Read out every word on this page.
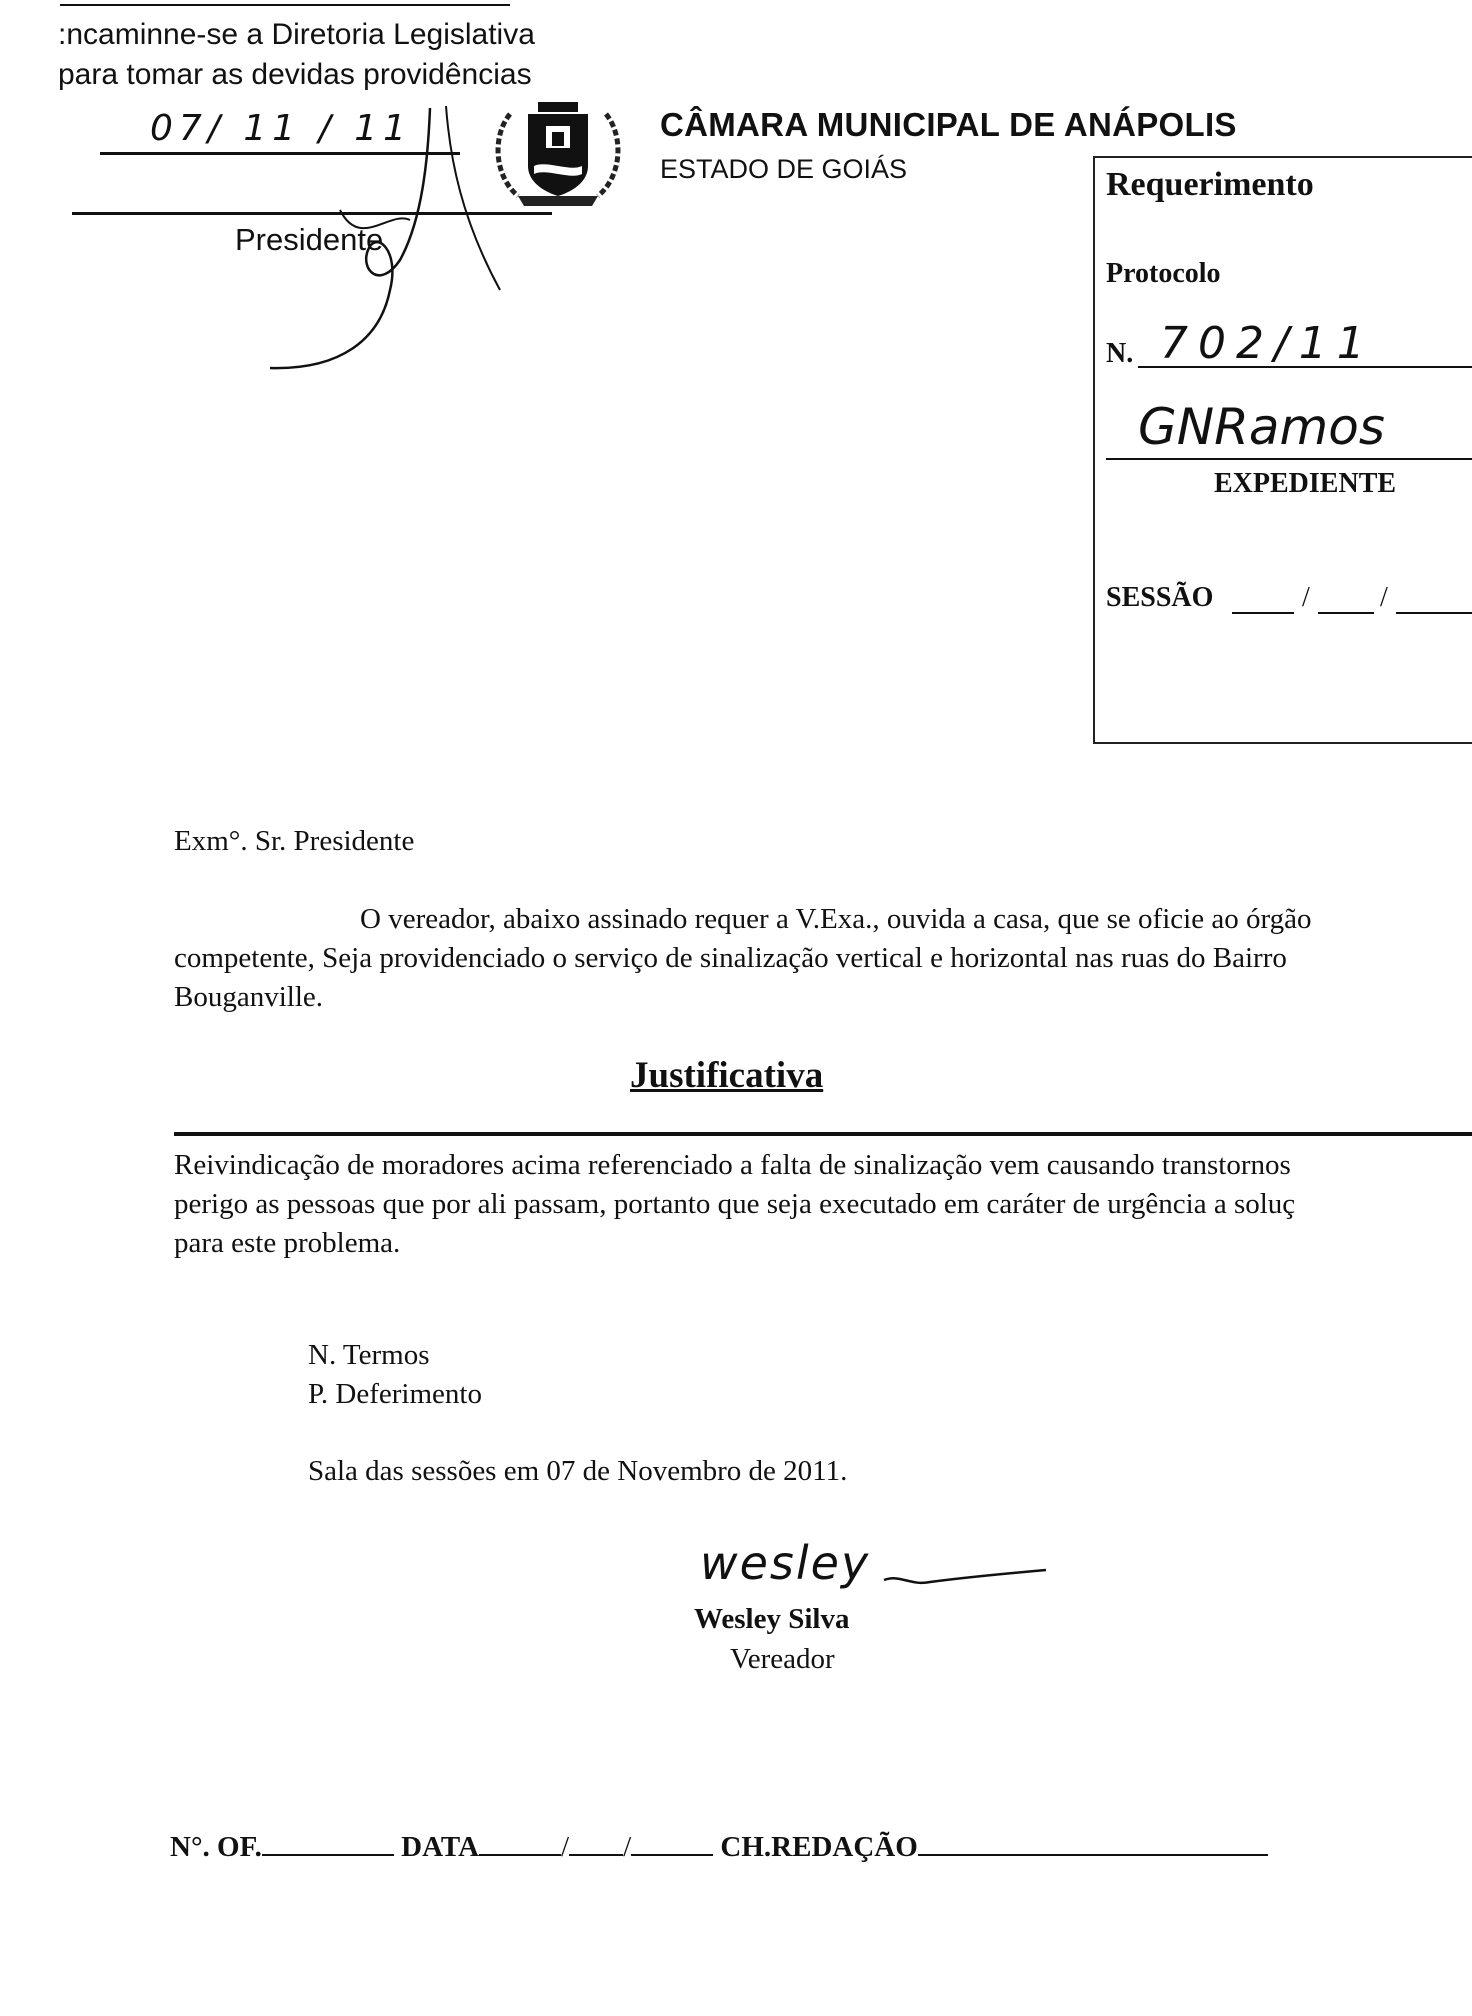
:ncaminne-se a Diretoria Legislativa
para tomar as devidas providências
07/ 11 / 11
Presidente
CÂMARA MUNICIPAL DE ANÁPOLIS
ESTADO DE GOIÁS	Requerimento
Protocolo
N. 702/11
GNRamos
EXPEDIENTE
SESSÃO	/	/
Exm°. Sr. Presidente
O vereador, abaixo assinado requer a V.Exa., ouvida a casa, que se oficie ao órgão
competente, Seja providenciado o serviço de sinalização vertical e horizontal nas ruas do Bairro
Bouganville.
Justificativa
Reivindicação de moradores acima referenciado a falta de sinalização vem causando transtornos
perigo as pessoas que por ali passam, portanto que seja executado em caráter de urgência a soluç
para este problema.
N. Termos
P. Deferimento
Sala das sessões em 07 de Novembro de 2011.
wesley
Wesley Silva
Vereador
N°. OF.	DATA	/ /	CH.REDAÇÃO
